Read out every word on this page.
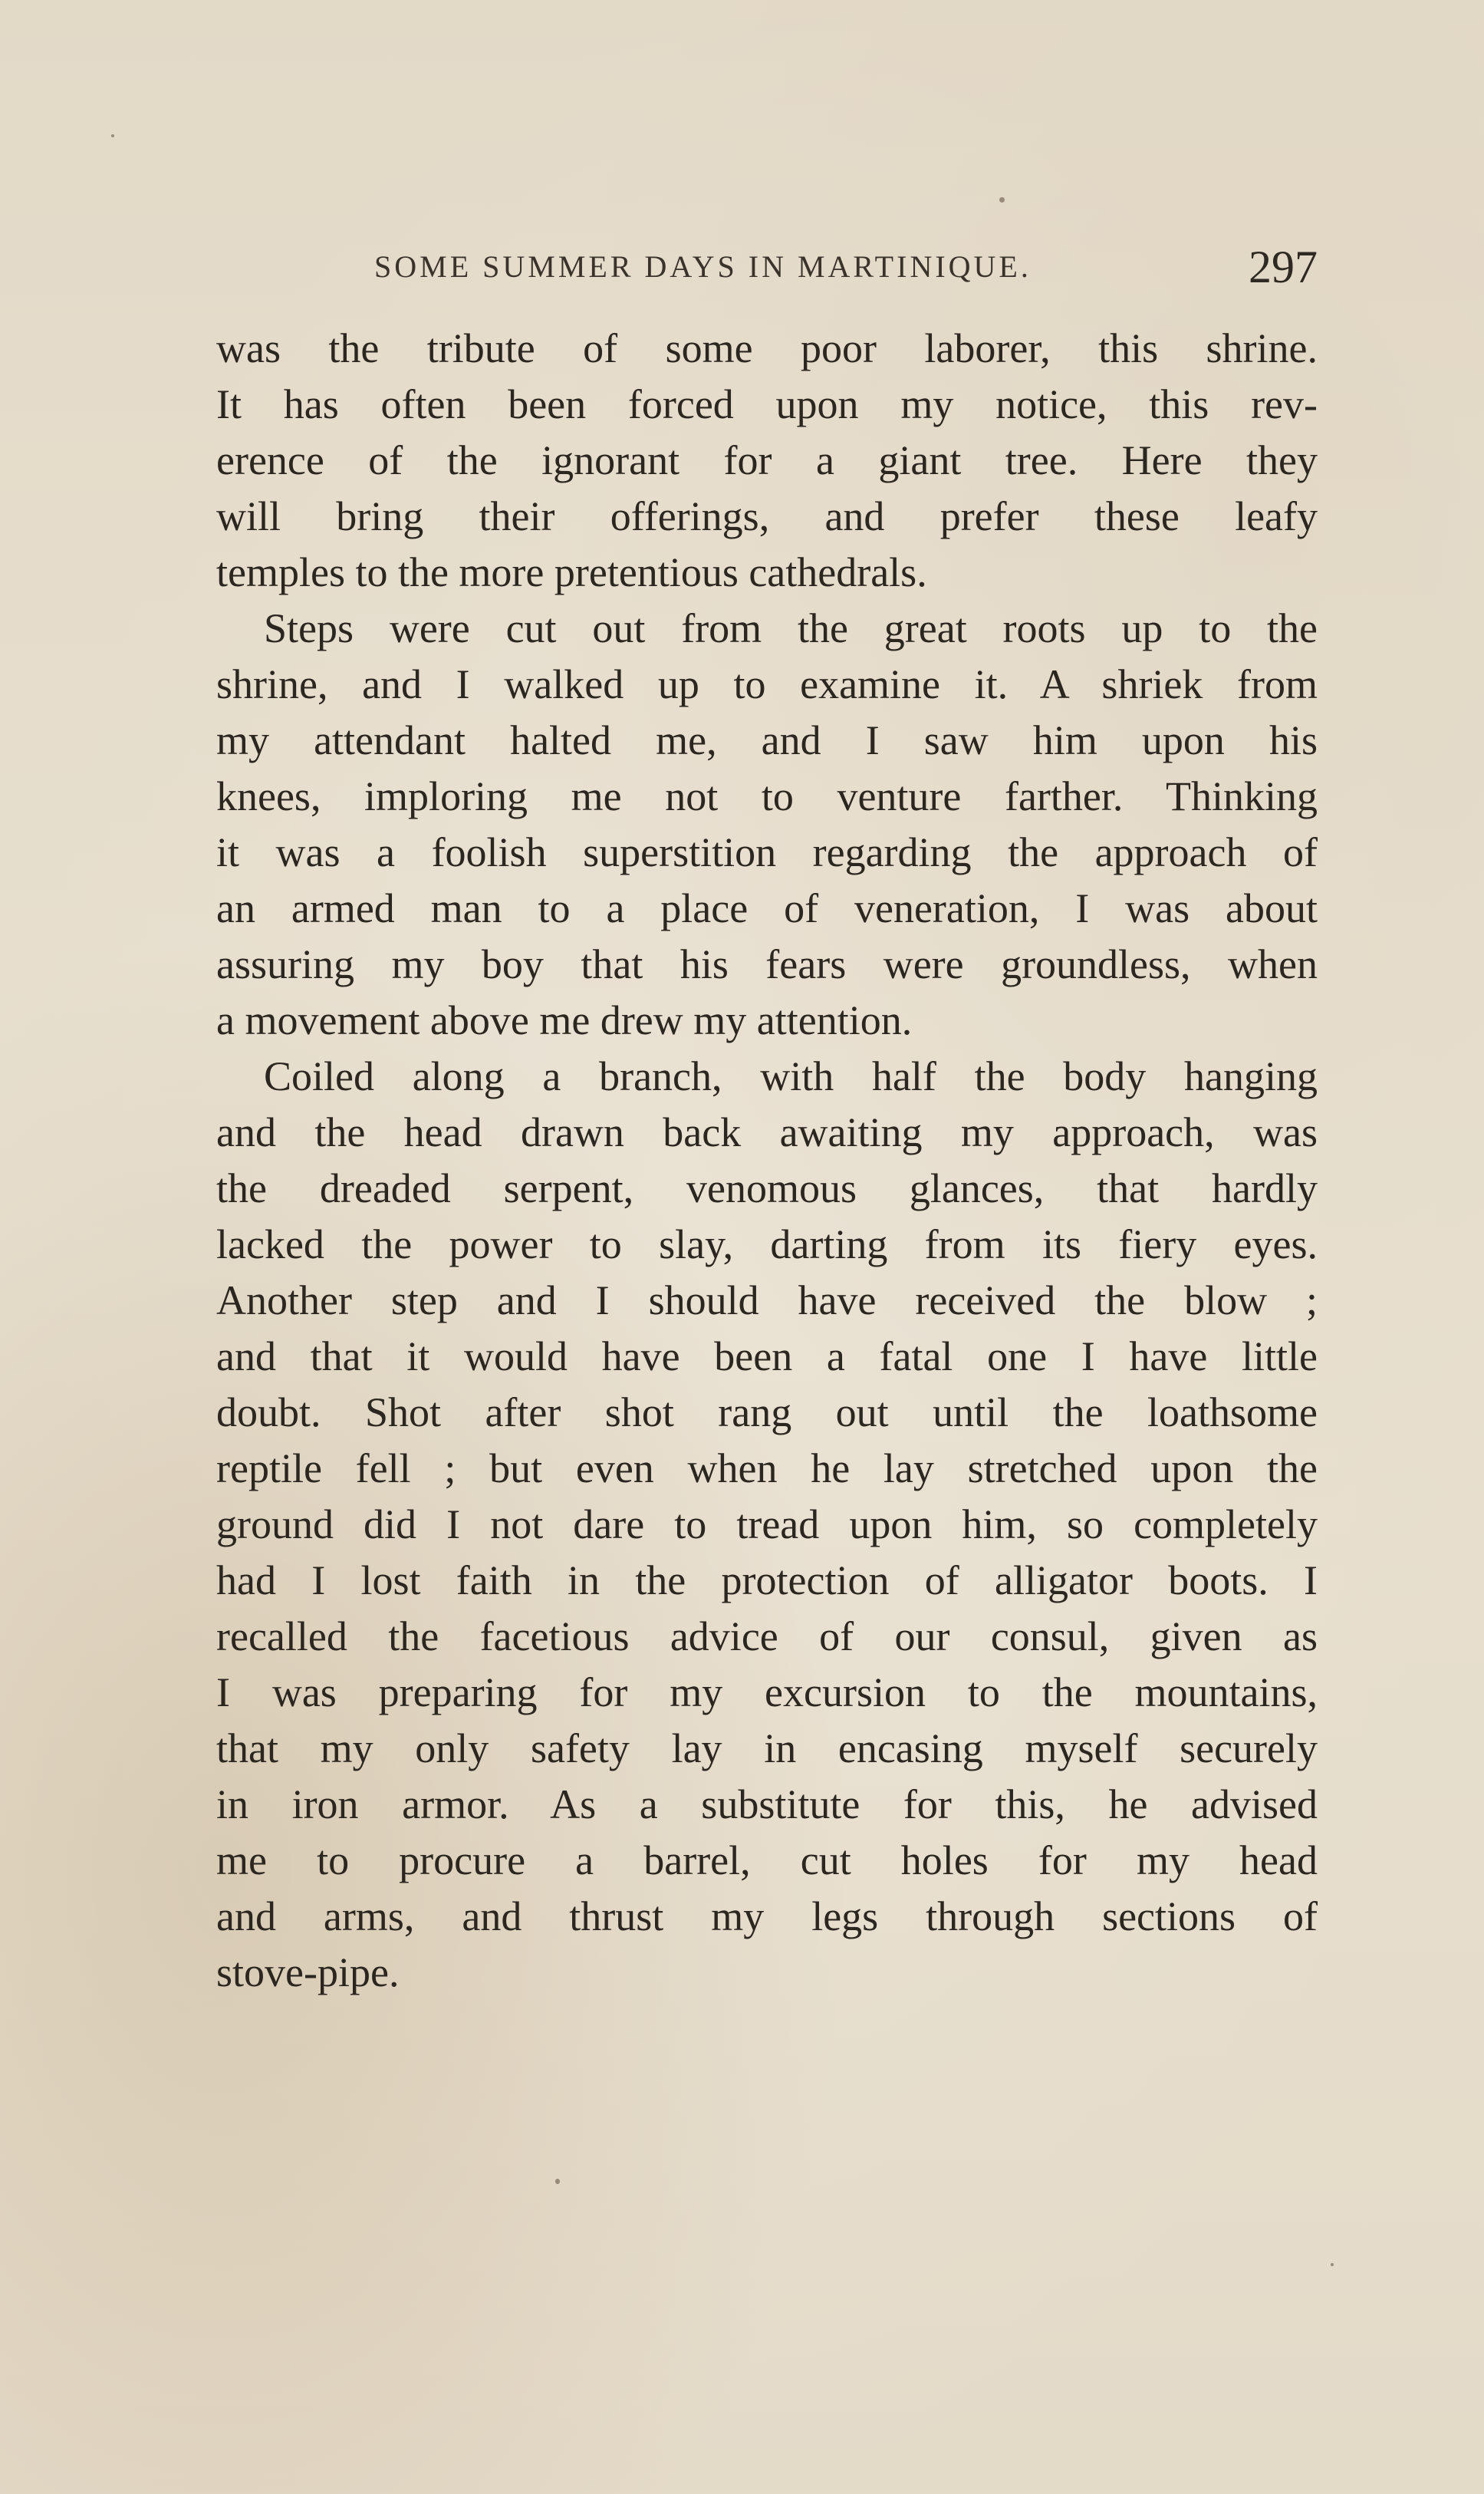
SOME SUMMER DAYS IN MARTINIQUE.	297
was the tribute of some poor laborer, this shrine.
It has often been forced upon my notice, this rev-
erence of the ignorant for a giant tree. Here they
will bring their offerings, and prefer these leafy
temples to the more pretentious cathedrals.
Steps were cut out from the great roots up to the
shrine, and I walked up to examine it. A shriek from
my attendant halted me, and I saw him upon his
knees, imploring me not to venture farther. Thinking
it was a foolish superstition regarding the approach of
an armed man to a place of veneration, I was about
assuring my boy that his fears were groundless, when
a movement above me drew my attention.
Coiled along a branch, with half the body hanging
and the head drawn back awaiting my approach, was
the dreaded serpent, venomous glances, that hardly
lacked the power to slay, darting from its fiery eyes.
Another step and I should have received the blow ;
and that it would have been a fatal one I have little
doubt. Shot after shot rang out until the loathsome
reptile fell ; but even when he lay stretched upon the
ground did I not dare to tread upon him, so completely
had I lost faith in the protection of alligator boots. I
recalled the facetious advice of our consul, given as
I was preparing for my excursion to the mountains,
that my only safety lay in encasing myself securely
in iron armor. As a substitute for this, he advised
me to procure a barrel, cut holes for my head
and arms, and thrust my legs through sections of
stove-pipe.
